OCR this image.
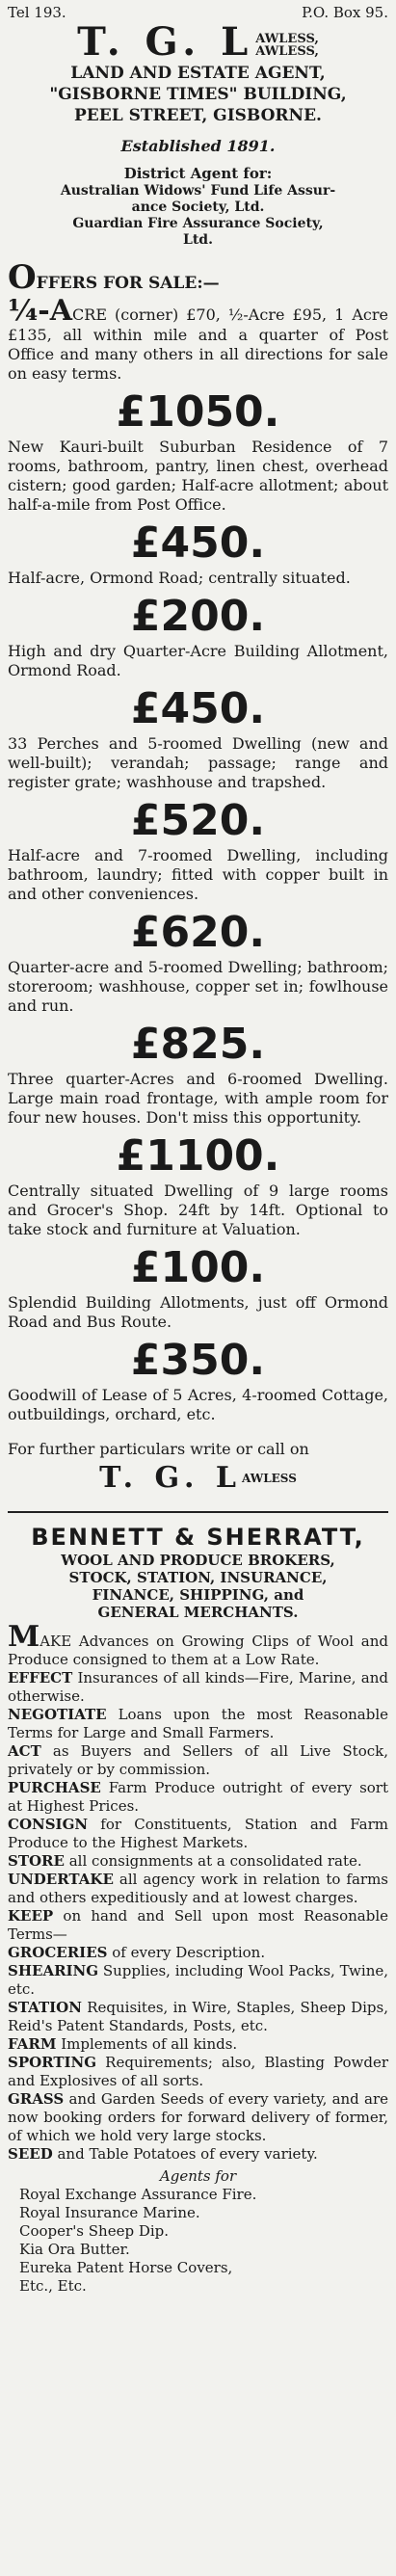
Tel 193.	P.O. Box 95.
T. G. L AWLESS,
AWLESS,
LAND AND ESTATE AGENT,
"GISBORNE TIMES" BUILDING,
PEEL STREET, GISBORNE.
Established 1891.
District Agent for:
Australian Widows' Fund Life Assur-
ance Society, Ltd.
Guardian Fire Assurance Society,
Ltd.
OFFERS FOR SALE:—
¼-ACRE (corner) £70, ½-Acre £95, 1 Acre £135, all within mile and a quarter of Post Office and many others in all directions for sale on easy terms.
£1050.
New Kauri-built Suburban Residence of 7 rooms, bathroom, pantry, linen chest, overhead cistern; good garden; Half-acre allotment; about half-a-mile from Post Office.
£450.
Half-acre, Ormond Road; centrally situated.
£200.
High and dry Quarter-Acre Building Allotment, Ormond Road.
£450.
33 Perches and 5-roomed Dwelling (new and well-built); verandah; passage; range and register grate; washhouse and trapshed.
£520.
Half-acre and 7-roomed Dwelling, including bathroom, laundry; fitted with copper built in and other conveniences.
£620.
Quarter-acre and 5-roomed Dwelling; bathroom; storeroom; washhouse, copper set in; fowlhouse and run.
£825.
Three quarter-Acres and 6-roomed Dwelling. Large main road frontage, with ample room for four new houses. Don't miss this opportunity.
£1100.
Centrally situated Dwelling of 9 large rooms and Grocer's Shop. 24ft by 14ft. Optional to take stock and furniture at Valuation.
£100.
Splendid Building Allotments, just off Ormond Road and Bus Route.
£350.
Goodwill of Lease of 5 Acres, 4-roomed Cottage, outbuildings, orchard, etc.
For further particulars write or call on
T. G. $L^{AWLESS}$
BENNETT & SHERRATT,
WOOL AND PRODUCE BROKERS,
STOCK, STATION, INSURANCE,
FINANCE, SHIPPING, and
GENERAL MERCHANTS.
MAKE Advances on Growing Clips of Wool and Produce consigned to them at a Low Rate.
EFFECT Insurances of all kinds—Fire, Marine, and otherwise.
NEGOTIATE Loans upon the most Reasonable Terms for Large and Small Farmers.
ACT as Buyers and Sellers of all Live Stock, privately or by commission.
PURCHASE Farm Produce outright of every sort at Highest Prices.
CONSIGN for Constituents, Station and Farm Produce to the Highest Markets.
STORE all consignments at a consolidated rate.
UNDERTAKE all agency work in relation to farms and others expeditiously and at lowest charges.
KEEP on hand and Sell upon most Reasonable Terms—
GROCERIES of every Description.
SHEARING Supplies, including Wool Packs, Twine, etc.
STATION Requisites, in Wire, Staples, Sheep Dips, Reid's Patent Standards, Posts, etc.
FARM Implements of all kinds.
SPORTING Requirements; also, Blasting Powder and Explosives of all sorts.
GRASS and Garden Seeds of every variety, and are now booking orders for forward delivery of former, of which we hold very large stocks.
SEED and Table Potatoes of every variety.
Agents for
Royal Exchange Assurance Fire.
Royal Insurance Marine.
Cooper's Sheep Dip.
Kia Ora Butter.
Eureka Patent Horse Covers,
Etc., Etc.
